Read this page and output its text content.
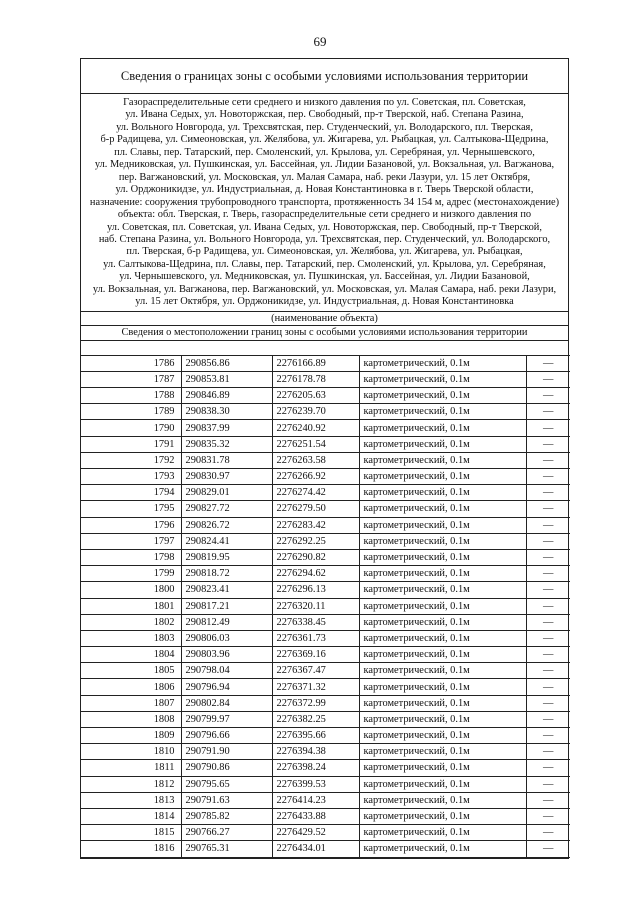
69
Сведения о границах зоны с особыми условиями использования территории
Газораспределительные сети среднего и низкого давления по ул. Советская, пл. Советская,
ул. Ивана Седых, ул. Новоторжская, пер. Свободный, пр-т Тверской, наб. Степана Разина,
ул. Вольного Новгорода, ул. Трехсвятская, пер. Студенческий, ул. Володарского, пл. Тверская,
б-р Радищева, ул. Симеоновская, ул. Желябова, ул. Жигарева, ул. Рыбацкая, ул. Салтыкова-Щедрина,
пл. Славы, пер. Татарский, пер. Смоленский, ул. Крылова, ул. Серебряная, ул. Чернышевского,
ул. Медниковская, ул. Пушкинская, ул. Бассейная, ул. Лидии Базановой, ул. Вокзальная, ул. Вагжанова,
пер. Вагжановский, ул. Московская, ул. Малая Самара, наб. реки Лазури, ул. 15 лет Октября,
ул. Орджоникидзе, ул. Индустриальная, д. Новая Константиновка в г. Тверь Тверской области,
назначение: сооружения трубопроводного транспорта, протяженность 34 154 м, адрес (местонахождение)
объекта: обл. Тверская, г. Тверь, газораспределительные сети среднего и низкого давления по
ул. Советская, пл. Советская, ул. Ивана Седых, ул. Новоторжская, пер. Свободный, пр-т Тверской,
наб. Степана Разина, ул. Вольного Новгорода, ул. Трехсвятская, пер. Студенческий, ул. Володарского,
пл. Тверская, б-р Радищева, ул. Симеоновская, ул. Желябова, ул. Жигарева, ул. Рыбацкая,
ул. Салтыкова-Щедрина, пл. Славы, пер. Татарский, пер. Смоленский, ул. Крылова, ул. Серебряная,
ул. Чернышевского, ул. Медниковская, ул. Пушкинская, ул. Бассейная, ул. Лидии Базановой,
ул. Вокзальная, ул. Вагжанова, пер. Вагжановский, ул. Московская, ул. Малая Самара, наб. реки Лазури,
ул. 15 лет Октября, ул. Орджоникидзе, ул. Индустриальная, д. Новая Константиновка
(наименование объекта)
Сведения о местоположении границ зоны с особыми условиями использования территории
1786	290856.86	2276166.89	картометрический, 0.1м	—
1787	290853.81	2276178.78	картометрический, 0.1м	—
1788	290846.89	2276205.63	картометрический, 0.1м	—
1789	290838.30	2276239.70	картометрический, 0.1м	—
1790	290837.99	2276240.92	картометрический, 0.1м	—
1791	290835.32	2276251.54	картометрический, 0.1м	—
1792	290831.78	2276263.58	картометрический, 0.1м	—
1793	290830.97	2276266.92	картометрический, 0.1м	—
1794	290829.01	2276274.42	картометрический, 0.1м	—
1795	290827.72	2276279.50	картометрический, 0.1м	—
1796	290826.72	2276283.42	картометрический, 0.1м	—
1797	290824.41	2276292.25	картометрический, 0.1м	—
1798	290819.95	2276290.82	картометрический, 0.1м	—
1799	290818.72	2276294.62	картометрический, 0.1м	—
1800	290823.41	2276296.13	картометрический, 0.1м	—
1801	290817.21	2276320.11	картометрический, 0.1м	—
1802	290812.49	2276338.45	картометрический, 0.1м	—
1803	290806.03	2276361.73	картометрический, 0.1м	—
1804	290803.96	2276369.16	картометрический, 0.1м	—
1805	290798.04	2276367.47	картометрический, 0.1м	—
1806	290796.94	2276371.32	картометрический, 0.1м	—
1807	290802.84	2276372.99	картометрический, 0.1м	—
1808	290799.97	2276382.25	картометрический, 0.1м	—
1809	290796.66	2276395.66	картометрический, 0.1м	—
1810	290791.90	2276394.38	картометрический, 0.1м	—
1811	290790.86	2276398.24	картометрический, 0.1м	—
1812	290795.65	2276399.53	картометрический, 0.1м	—
1813	290791.63	2276414.23	картометрический, 0.1м	—
1814	290785.82	2276433.88	картометрический, 0.1м	—
1815	290766.27	2276429.52	картометрический, 0.1м	—
1816	290765.31	2276434.01	картометрический, 0.1м	—
